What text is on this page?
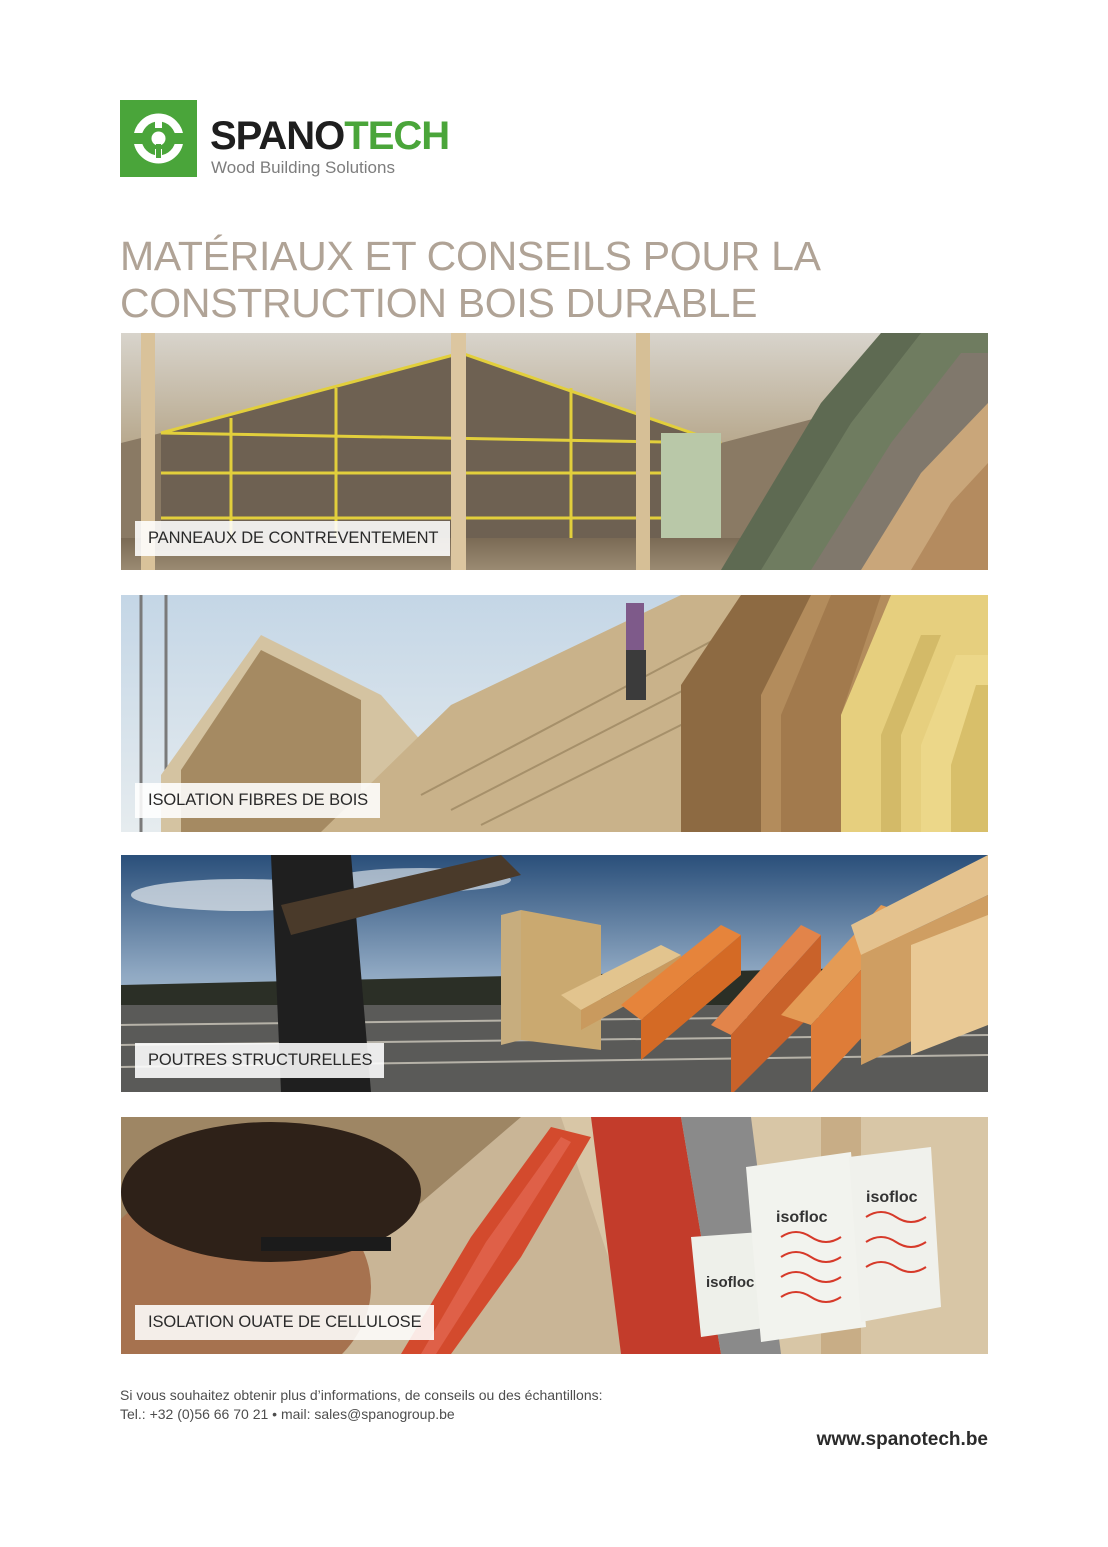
SPANOTECH
Wood Building Solutions
MATÉRIAUX ET CONSEILS POUR LA
CONSTRUCTION BOIS DURABLE
PANNEAUX DE CONTREVENTEMENT
ISOLATION FIBRES DE BOIS
POUTRES STRUCTURELLES
isofloc
isofloc
isofloc
ISOLATION OUATE DE CELLULOSE
Si vous souhaitez obtenir plus d’informations, de conseils ou des échantillons:
Tel.: +32 (0)56 66 70 21 • mail: sales@spanogroup.be
www.spanotech.be
